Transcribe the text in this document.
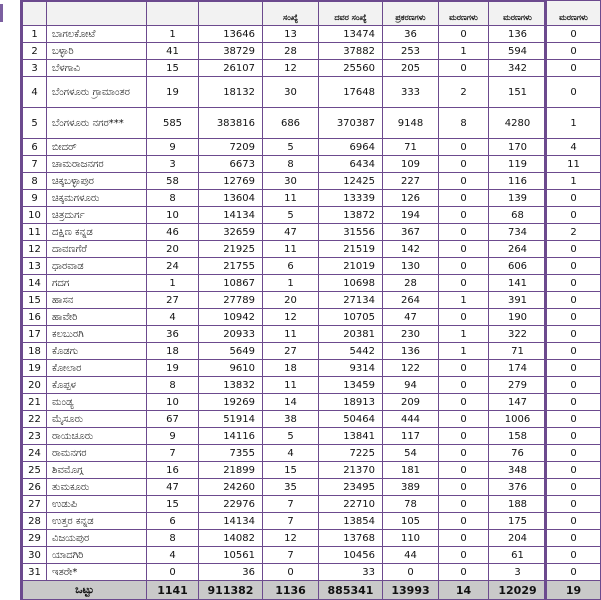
				ಸಂಖ್ಯೆ	ದವರ ಸಂಖ್ಯೆ	ಪ್ರಕರಣಗಳು	ಮರಣಗಳು	ಮರಣಗಳು	ಮರಣಗಳು
1	ಬಾಗಲಕೋಟೆ	1	13646	13	13474	36	0	136	0
2	ಬಳ್ಳಾರಿ	41	38729	28	37882	253	1	594	0
3	ಬೆಳಗಾವಿ	15	26107	12	25560	205	0	342	0
4	ಬೆಂಗಳೂರು ಗ್ರಾಮಾಂತರ	19	18132	30	17648	333	2	151	0
5	ಬೆಂಗಳೂರು ನಗರ***	585	383816	686	370387	9148	8	4280	1
6	ಬೀದರ್	9	7209	5	6964	71	0	170	4
7	ಚಾಮರಾಜನಗರ	3	6673	8	6434	109	0	119	11
8	ಚಿಕ್ಕಬಳ್ಳಾಪುರ	58	12769	30	12425	227	0	116	1
9	ಚಿಕ್ಕಮಗಳೂರು	8	13604	11	13339	126	0	139	0
10	ಚಿತ್ರದುರ್ಗ	10	14134	5	13872	194	0	68	0
11	ದಕ್ಷಿಣ ಕನ್ನಡ	46	32659	47	31556	367	0	734	2
12	ದಾವಣಗೆರೆ	20	21925	11	21519	142	0	264	0
13	ಧಾರವಾಡ	24	21755	6	21019	130	0	606	0
14	ಗದಗ	1	10867	1	10698	28	0	141	0
15	ಹಾಸನ	27	27789	20	27134	264	1	391	0
16	ಹಾವೇರಿ	4	10942	12	10705	47	0	190	0
17	ಕಲಬುರಗಿ	36	20933	11	20381	230	1	322	0
18	ಕೊಡಗು	18	5649	27	5442	136	1	71	0
19	ಕೋಲಾರ	19	9610	18	9314	122	0	174	0
20	ಕೊಪ್ಪಳ	8	13832	11	13459	94	0	279	0
21	ಮಂಡ್ಯ	10	19269	14	18913	209	0	147	0
22	ಮೈಸೂರು	67	51914	38	50464	444	0	1006	0
23	ರಾಯಚೂರು	9	14116	5	13841	117	0	158	0
24	ರಾಮನಗರ	7	7355	4	7225	54	0	76	0
25	ಶಿವಮೊಗ್ಗ	16	21899	15	21370	181	0	348	0
26	ತುಮಕೂರು	47	24260	35	23495	389	0	376	0
27	ಉಡುಪಿ	15	22976	7	22710	78	0	188	0
28	ಉತ್ತರ ಕನ್ನಡ	6	14134	7	13854	105	0	175	0
29	ವಿಜಯಪುರ	8	14082	12	13768	110	0	204	0
30	ಯಾದಗಿರಿ	4	10561	7	10456	44	0	61	0
31	ಇತರೇ*	0	36	0	33	0	0	3	0
ಒಟ್ಟು		1141	911382	1136	885341	13993	14	12029	19
